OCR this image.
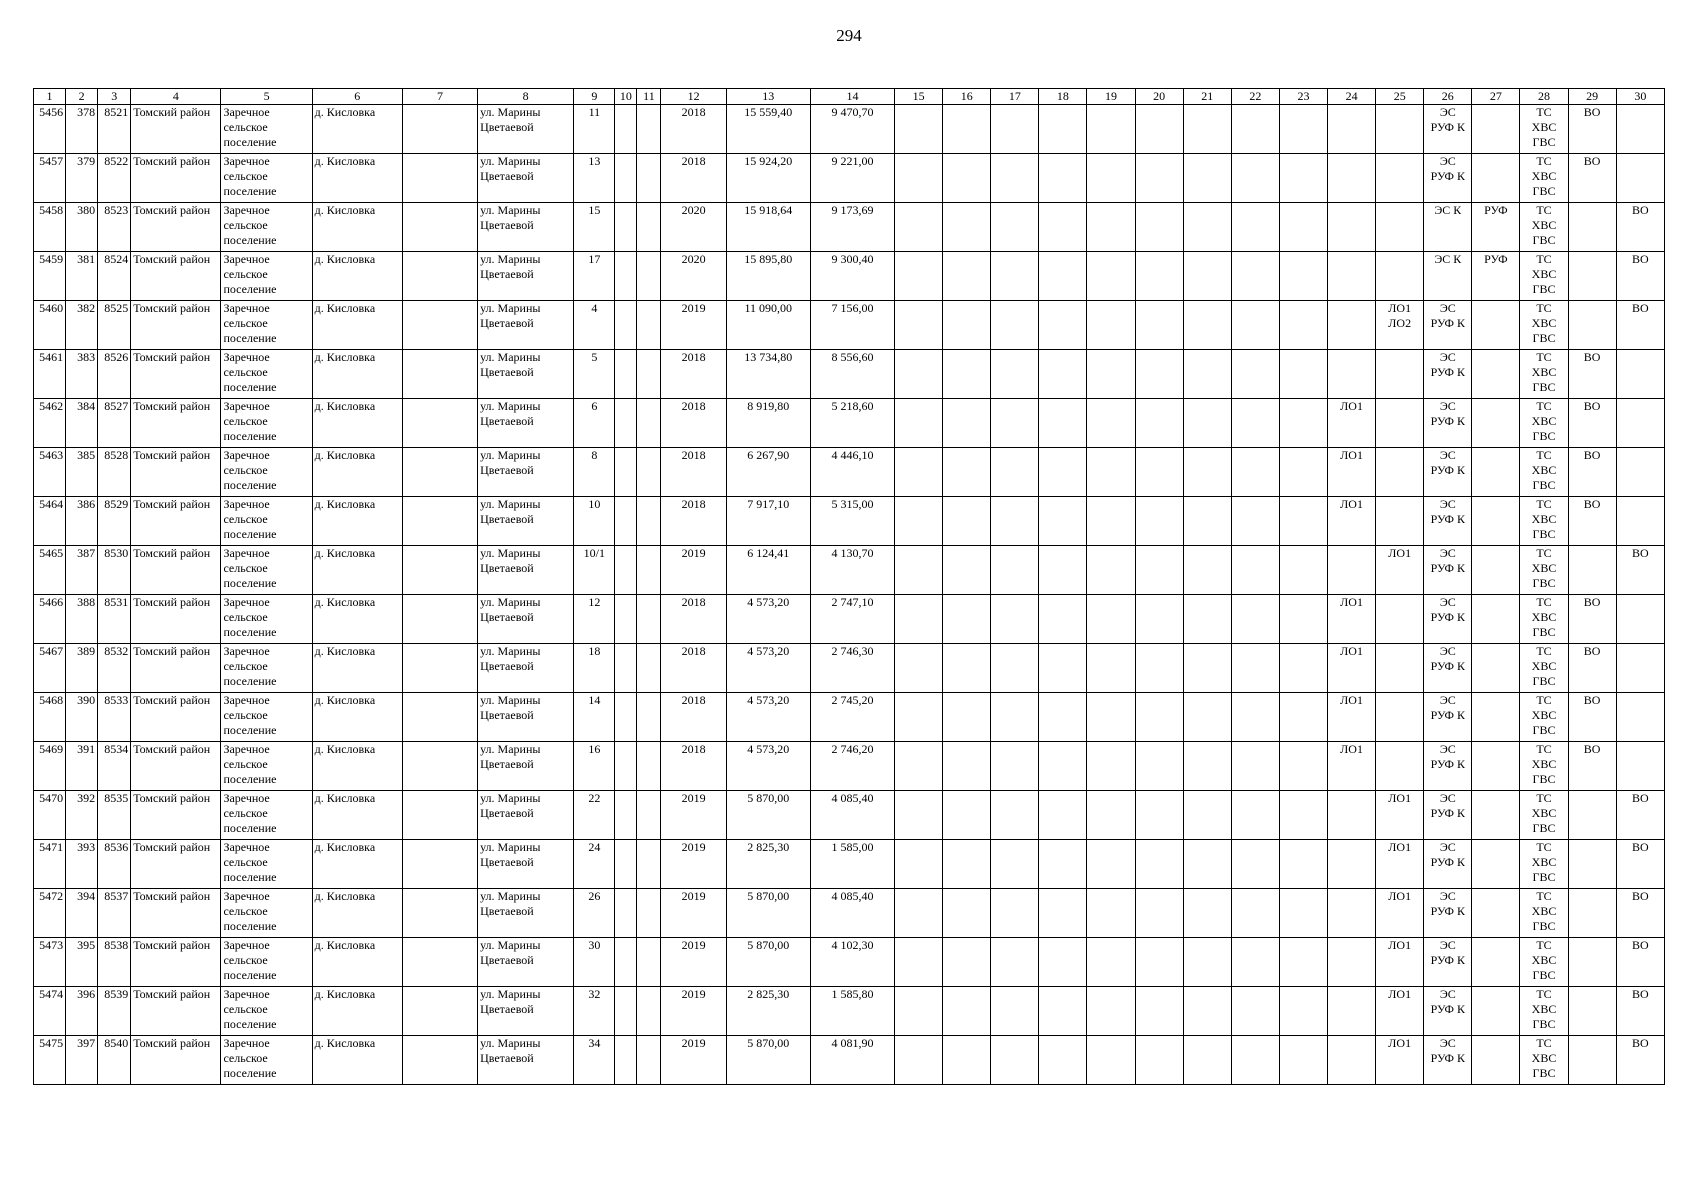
294
1	2	3	4	5	6	7	8	9	10	11	12	13	14	15	16	17	18	19	20	21	22	23	24	25	26	27	28	29	30
5456	378	8521	Томский район	Заречное
сельское
поселение	д. Кисловка		ул. Марины
Цветаевой	11			2018	15 559,40	9 470,70												ЭС
РУФ К		ТС
ХВС
ГВС	ВО	
5457	379	8522	Томский район	Заречное
сельское
поселение	д. Кисловка		ул. Марины
Цветаевой	13			2018	15 924,20	9 221,00												ЭС
РУФ К		ТС
ХВС
ГВС	ВО	
5458	380	8523	Томский район	Заречное
сельское
поселение	д. Кисловка		ул. Марины
Цветаевой	15			2020	15 918,64	9 173,69												ЭС К	РУФ	ТС
ХВС
ГВС		ВО
5459	381	8524	Томский район	Заречное
сельское
поселение	д. Кисловка		ул. Марины
Цветаевой	17			2020	15 895,80	9 300,40												ЭС К	РУФ	ТС
ХВС
ГВС		ВО
5460	382	8525	Томский район	Заречное
сельское
поселение	д. Кисловка		ул. Марины
Цветаевой	4			2019	11 090,00	7 156,00											ЛО1
ЛО2	ЭС
РУФ К		ТС
ХВС
ГВС		ВО
5461	383	8526	Томский район	Заречное
сельское
поселение	д. Кисловка		ул. Марины
Цветаевой	5			2018	13 734,80	8 556,60												ЭС
РУФ К		ТС
ХВС
ГВС	ВО	
5462	384	8527	Томский район	Заречное
сельское
поселение	д. Кисловка		ул. Марины
Цветаевой	6			2018	8 919,80	5 218,60										ЛО1		ЭС
РУФ К		ТС
ХВС
ГВС	ВО	
5463	385	8528	Томский район	Заречное
сельское
поселение	д. Кисловка		ул. Марины
Цветаевой	8			2018	6 267,90	4 446,10										ЛО1		ЭС
РУФ К		ТС
ХВС
ГВС	ВО	
5464	386	8529	Томский район	Заречное
сельское
поселение	д. Кисловка		ул. Марины
Цветаевой	10			2018	7 917,10	5 315,00										ЛО1		ЭС
РУФ К		ТС
ХВС
ГВС	ВО	
5465	387	8530	Томский район	Заречное
сельское
поселение	д. Кисловка		ул. Марины
Цветаевой	10/1			2019	6 124,41	4 130,70											ЛО1	ЭС
РУФ К		ТС
ХВС
ГВС		ВО
5466	388	8531	Томский район	Заречное
сельское
поселение	д. Кисловка		ул. Марины
Цветаевой	12			2018	4 573,20	2 747,10										ЛО1		ЭС
РУФ К		ТС
ХВС
ГВС	ВО	
5467	389	8532	Томский район	Заречное
сельское
поселение	д. Кисловка		ул. Марины
Цветаевой	18			2018	4 573,20	2 746,30										ЛО1		ЭС
РУФ К		ТС
ХВС
ГВС	ВО	
5468	390	8533	Томский район	Заречное
сельское
поселение	д. Кисловка		ул. Марины
Цветаевой	14			2018	4 573,20	2 745,20										ЛО1		ЭС
РУФ К		ТС
ХВС
ГВС	ВО	
5469	391	8534	Томский район	Заречное
сельское
поселение	д. Кисловка		ул. Марины
Цветаевой	16			2018	4 573,20	2 746,20										ЛО1		ЭС
РУФ К		ТС
ХВС
ГВС	ВО	
5470	392	8535	Томский район	Заречное
сельское
поселение	д. Кисловка		ул. Марины
Цветаевой	22			2019	5 870,00	4 085,40											ЛО1	ЭС
РУФ К		ТС
ХВС
ГВС		ВО
5471	393	8536	Томский район	Заречное
сельское
поселение	д. Кисловка		ул. Марины
Цветаевой	24			2019	2 825,30	1 585,00											ЛО1	ЭС
РУФ К		ТС
ХВС
ГВС		ВО
5472	394	8537	Томский район	Заречное
сельское
поселение	д. Кисловка		ул. Марины
Цветаевой	26			2019	5 870,00	4 085,40											ЛО1	ЭС
РУФ К		ТС
ХВС
ГВС		ВО
5473	395	8538	Томский район	Заречное
сельское
поселение	д. Кисловка		ул. Марины
Цветаевой	30			2019	5 870,00	4 102,30											ЛО1	ЭС
РУФ К		ТС
ХВС
ГВС		ВО
5474	396	8539	Томский район	Заречное
сельское
поселение	д. Кисловка		ул. Марины
Цветаевой	32			2019	2 825,30	1 585,80											ЛО1	ЭС
РУФ К		ТС
ХВС
ГВС		ВО
5475	397	8540	Томский район	Заречное
сельское
поселение	д. Кисловка		ул. Марины
Цветаевой	34			2019	5 870,00	4 081,90											ЛО1	ЭС
РУФ К		ТС
ХВС
ГВС		ВО
